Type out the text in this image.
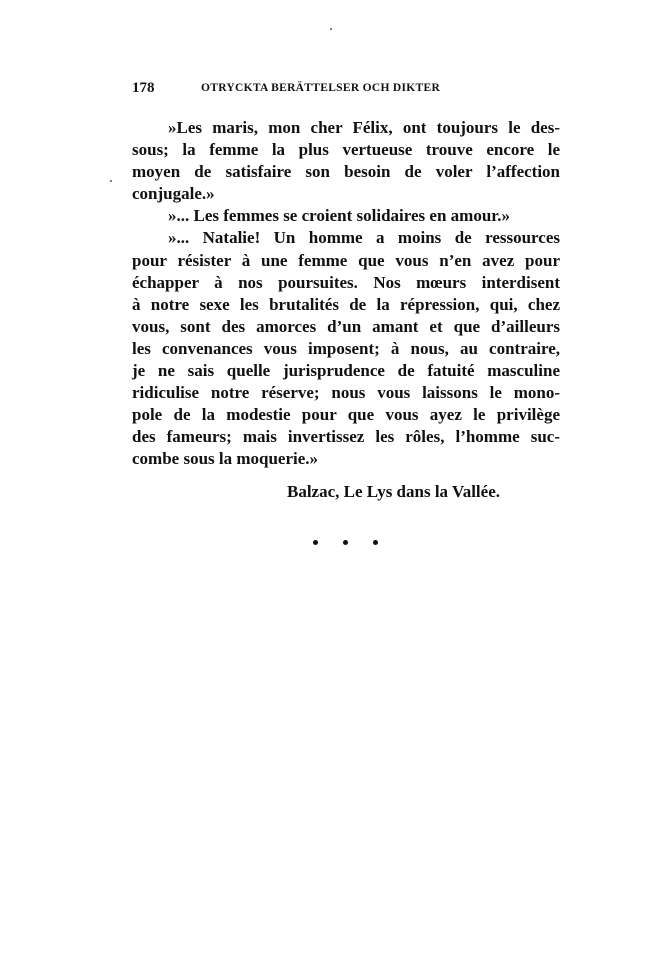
178	OTRYCKTA BERÄTTELSER OCH DIKTER
»Les maris, mon cher Félix, ont toujours le des-
sous; la femme la plus vertueuse trouve encore le
moyen de satisfaire son besoin de voler l’affection
conjugale.»
»... Les femmes se croient solidaires en amour.»
»... Natalie! Un homme a moins de ressources
pour résister à une femme que vous n’en avez pour
échapper à nos poursuites. Nos mœurs interdisent
à notre sexe les brutalités de la répression, qui, chez
vous, sont des amorces d’un amant et que d’ailleurs
les convenances vous imposent; à nous, au contraire,
je ne sais quelle jurisprudence de fatuité masculine
ridiculise notre réserve; nous vous laissons le mono-
pole de la modestie pour que vous ayez le privilège
des fameurs; mais invertissez les rôles, l’homme suc-
combe sous la moquerie.»
Balzac, Le Lys dans la Vallée.
